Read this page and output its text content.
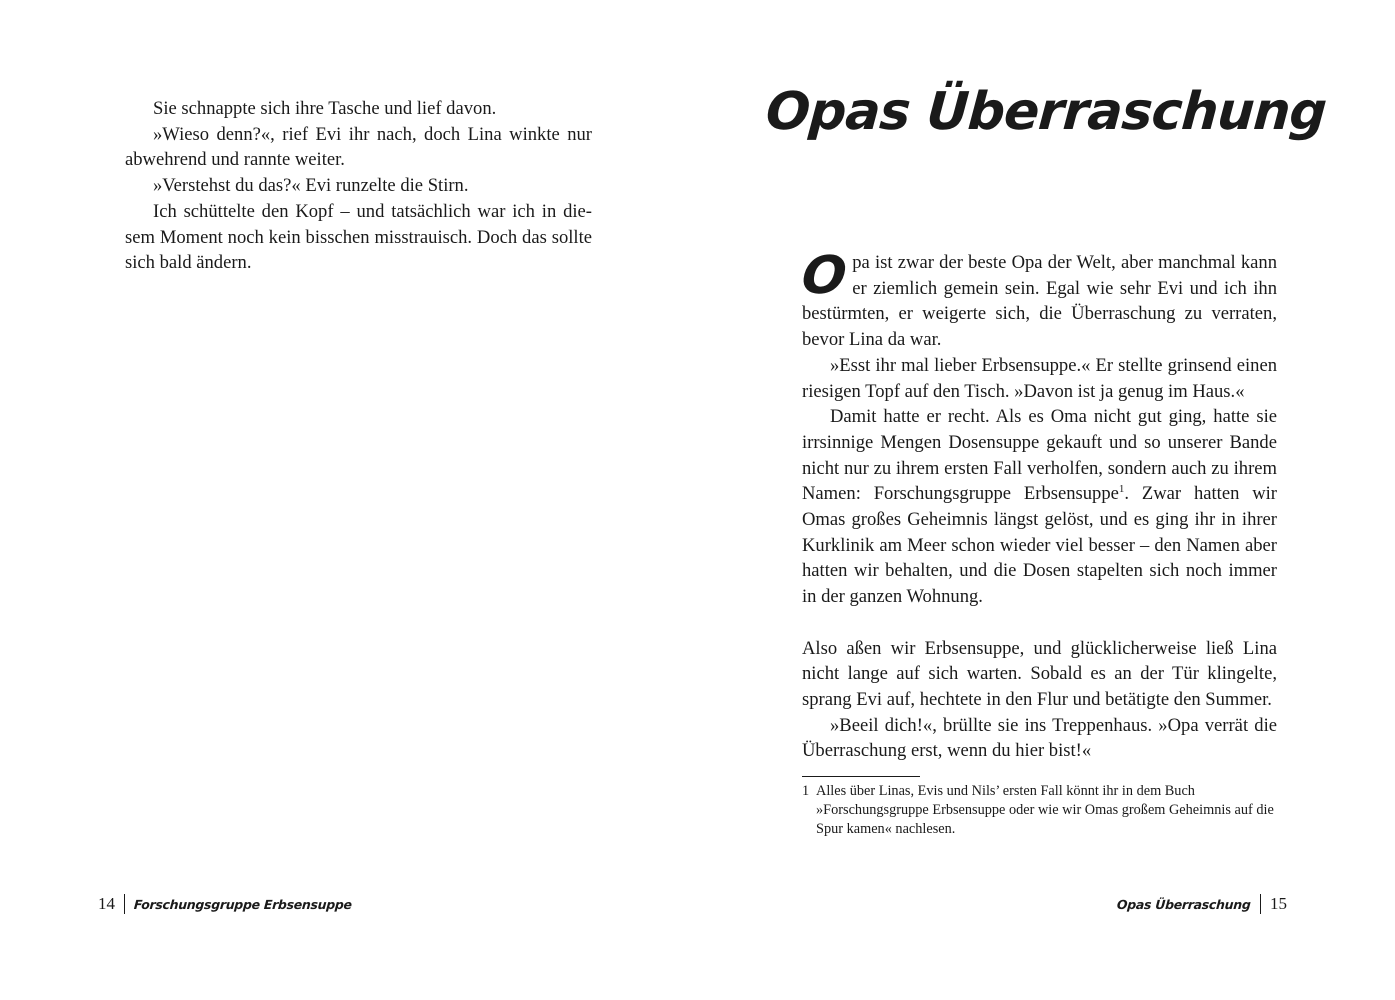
Sie schnappte sich ihre Tasche und lief davon.

»Wieso denn?«, rief Evi ihr nach, doch Lina winkte nur abwehrend und rannte weiter.

»Verstehst du das?« Evi runzelte die Stirn.

Ich schüttelte den Kopf – und tatsächlich war ich in diesem Moment noch kein bisschen misstrauisch. Doch das sollte sich bald ändern.

14 Forschungsgruppe Erbsensuppe
Opas Überraschung

Opa ist zwar der beste Opa der Welt, aber manchmal kann er ziemlich gemein sein. Egal wie sehr Evi und ich ihn bestürmten, er weigerte sich, die Überraschung zu verraten, bevor Lina da war.

»Esst ihr mal lieber Erbsensuppe.« Er stellte grinsend einen riesigen Topf auf den Tisch. »Davon ist ja genug im Haus.«

Damit hatte er recht. Als es Oma nicht gut ging, hatte sie irrsinnige Mengen Dosensuppe gekauft und so unserer Bande nicht nur zu ihrem ersten Fall verholfen, sondern auch zu ihrem Namen: Forschungsgruppe Erbsensuppe$^1$. Zwar hatten wir Omas großes Geheimnis längst gelöst, und es ging ihr in ihrer Kurklinik am Meer schon wieder viel besser – den Namen aber hatten wir behalten, und die Dosen stapelten sich noch immer in der ganzen Wohnung.

Also aßen wir Erbsensuppe, und glücklicherweise ließ Lina nicht lange auf sich warten. Sobald es an der Tür klingelte, sprang Evi auf, hechtete in den Flur und betätigte den Summer.

»Beeil dich!«, brüllte sie ins Treppenhaus. »Opa verrät die Überraschung erst, wenn du hier bist!«

1 Alles über Linas, Evis und Nils’ ersten Fall könnt ihr in dem Buch »Forschungsgruppe Erbsensuppe oder wie wir Omas großem Geheimnis auf die Spur kamen« nachlesen.
Opas Überraschung 15
